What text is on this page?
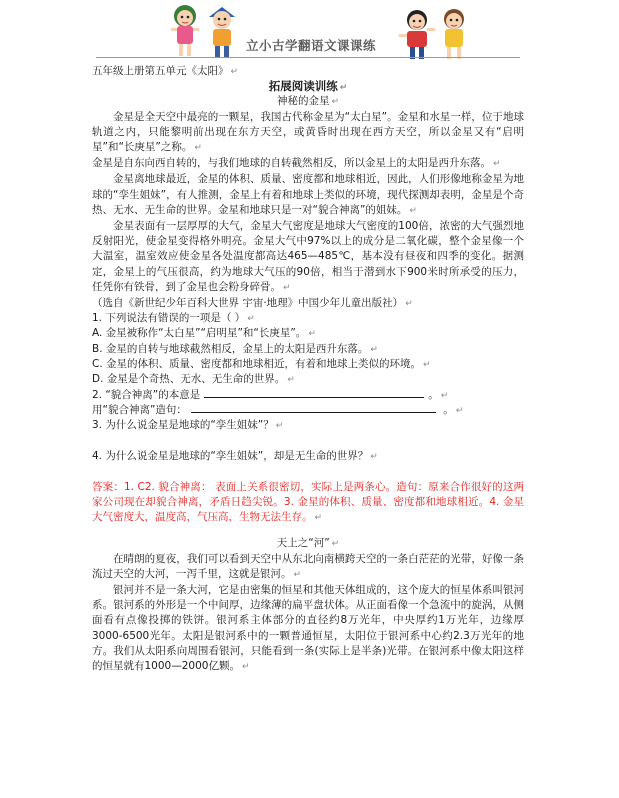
立小古学翻语文课课练
五年级上册第五单元《太阳》 ↵
拓展阅读训练 ↵
神秘的金星 ↵
金星是全天空中最亮的一颗星，我国古代称金星为“太白星”。金星和水星一样，位于地球轨道之内，只能黎明前出现在东方天空，或黄昏时出现在西方天空，所以金星又有“启明星”和“长庚星”之称。 ↵
金星是自东向西自转的，与我们地球的自转截然相反，所以金星上的太阳是西升东落。 ↵
金星离地球最近，金星的体积、质量、密度都和地球相近，因此，人们形像地称金星为地球的“孪生姐妹”，有人推测，金星上有着和地球上类似的环境，现代探测却表明，金星是个奇热、无水、无生命的世界。金星和地球只是一对“貌合神离”的姐妹。 ↵
金星表面有一层厚厚的大气，金星大气密度是地球大气密度的100倍，浓密的大气强烈地反射阳光，使金星变得格外明亮。金星大气中97%以上的成分是二氧化碳，整个金星像一个大温室，温室效应使金星各处温度都高达465—485℃，基本没有昼夜和四季的变化。据测定，金星上的气压很高，约为地球大气压的90倍，相当于潜到水下900米时所承受的压力，任凭你有铁骨，到了金星也会粉身碎骨。 ↵
（选自《新世纪少年百科大世界 宇宙·地理》中国少年儿童出版社） ↵
1. 下列说法有错误的一项是（ ） ↵
A. 金星被称作“太白星”“启明星”和“长庚星”。 ↵
B. 金星的自转与地球截然相反，金星上的太阳是西升东落。 ↵
C. 金星的体积、质量、密度都和地球相近，有着和地球上类似的环境。 ↵
D. 金星是个奇热、无水、无生命的世界。 ↵
2. “貌合神离”的本意是	。 ↵
用“貌合神离”造句：	。 ↵
3. 为什么说金星是地球的“孪生姐妹”？ ↵
4. 为什么说金星是地球的“孪生姐妹”，却是无生命的世界？ ↵
答案：1. C2. 貌合神离： 表面上关系很密切，实际上是两条心。造句：原来合作很好的这两家公司现在却貌合神离，矛盾日趋尖锐。3. 金星的体积、质量、密度都和地球相近。4. 金星大气密度大，温度高，气压高，生物无法生存。 ↵
天上之“河” ↵
在晴朗的夏夜，我们可以看到天空中从东北向南横跨天空的一条白茫茫的光带，好像一条流过天空的大河，一泻千里，这就是银河。 ↵
银河并不是一条大河，它是由密集的恒星和其他天体组成的，这个庞大的恒星体系叫银河系。银河系的外形是一个中间厚，边缘薄的扁平盘状体。从正面看像一个急流中的旋涡，从侧面看有点像投掷的铁饼。银河系主体部分的直径约8万光年，中央厚约1万光年，边缘厚3000-6500光年。太阳是银河系中的一颗普通恒星，太阳位于银河系中心约2.3万光年的地方。我们从太阳系向周围看银河，只能看到一条(实际上是半条)光带。在银河系中像太阳这样的恒星就有1000—2000亿颗。 ↵
